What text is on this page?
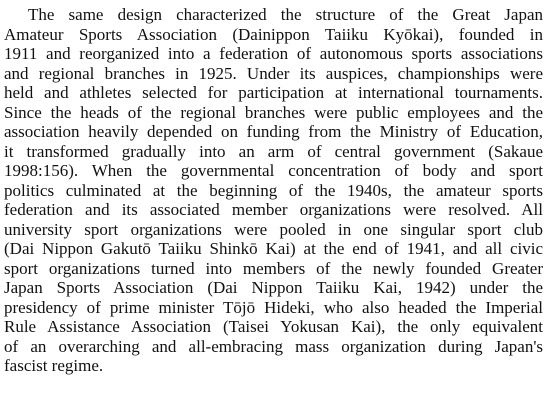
The same design characterized the structure of the Great Japan
Amateur Sports Association (Dainippon Taiiku Kyōkai), founded in
1911 and reorganized into a federation of autonomous sports associations
and regional branches in 1925. Under its auspices, championships were
held and athletes selected for participation at international tournaments.
Since the heads of the regional branches were public employees and the
association heavily depended on funding from the Ministry of Education,
it transformed gradually into an arm of central government (Sakaue
1998:156). When the governmental concentration of body and sport
politics culminated at the beginning of the 1940s, the amateur sports
federation and its associated member organizations were resolved. All
university sport organizations were pooled in one singular sport club
(Dai Nippon Gakutō Taiiku Shinkō Kai) at the end of 1941, and all civic
sport organizations turned into members of the newly founded Greater
Japan Sports Association (Dai Nippon Taiiku Kai, 1942) under the
presidency of prime minister Tōjō Hideki, who also headed the Imperial
Rule Assistance Association (Taisei Yokusan Kai), the only equivalent
of an overarching and all-embracing mass organization during Japan's
fascist regime.
